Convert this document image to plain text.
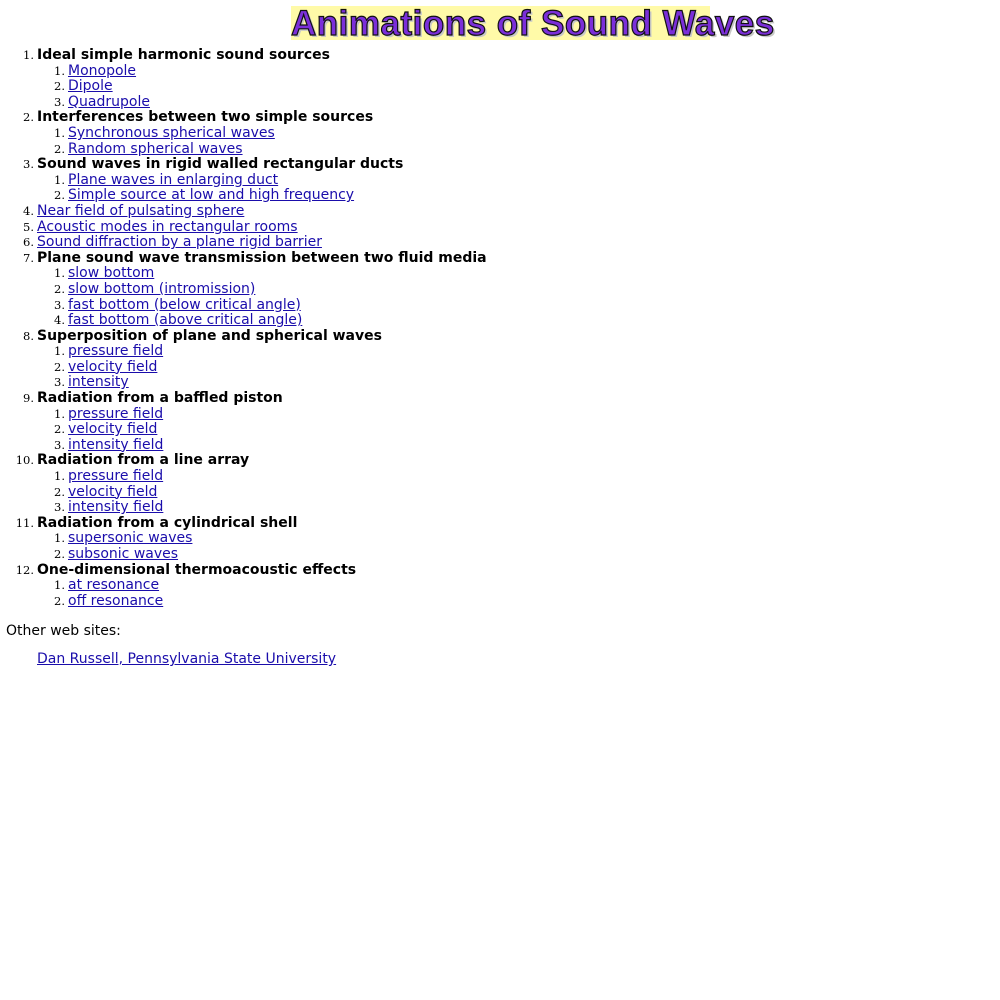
Animations of Sound Waves
1. Ideal simple harmonic sound sources
1. Monopole
2. Dipole
3. Quadrupole
2. Interferences between two simple sources
1. Synchronous spherical waves
2. Random spherical waves
3. Sound waves in rigid walled rectangular ducts
1. Plane waves in enlarging duct
2. Simple source at low and high frequency
4. Near field of pulsating sphere
5. Acoustic modes in rectangular rooms
6. Sound diffraction by a plane rigid barrier
7. Plane sound wave transmission between two fluid media
1. slow bottom
2. slow bottom (intromission)
3. fast bottom (below critical angle)
4. fast bottom (above critical angle)
8. Superposition of plane and spherical waves
1. pressure field
2. velocity field
3. intensity
9. Radiation from a baffled piston
1. pressure field
2. velocity field
3. intensity field
10. Radiation from a line array
1. pressure field
2. velocity field
3. intensity field
11. Radiation from a cylindrical shell
1. supersonic waves
2. subsonic waves
12. One-dimensional thermoacoustic effects
1. at resonance
2. off resonance

Other web sites:

Dan Russell, Pennsylvania State University
